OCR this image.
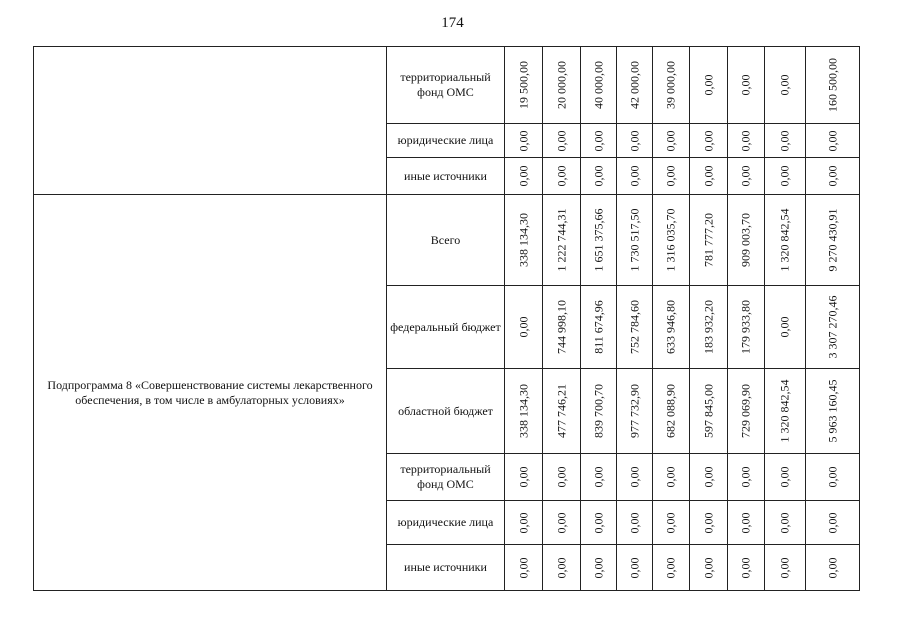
174
	территориальный фонд ОМС	19 500,00	20 000,00	40 000,00	42 000,00	39 000,00	0,00	0,00	0,00	160 500,00

	юридические лица	0,00	0,00	0,00	0,00	0,00	0,00	0,00	0,00	0,00

	иные источники	0,00	0,00	0,00	0,00	0,00	0,00	0,00	0,00	0,00

Подпрограмма 8 «Совершенствование системы лекарственного обеспечения, в том числе в амбулаторных условиях»	Всего	338 134,30	1 222 744,31	1 651 375,66	1 730 517,50	1 316 035,70	781 777,20	909 003,70	1 320 842,54	9 270 430,91

	федеральный бюджет	0,00	744 998,10	811 674,96	752 784,60	633 946,80	183 932,20	179 933,80	0,00	3 307 270,46

	областной бюджет	338 134,30	477 746,21	839 700,70	977 732,90	682 088,90	597 845,00	729 069,90	1 320 842,54	5 963 160,45

	территориальный фонд ОМС	0,00	0,00	0,00	0,00	0,00	0,00	0,00	0,00	0,00

	юридические лица	0,00	0,00	0,00	0,00	0,00	0,00	0,00	0,00	0,00

	иные источники	0,00	0,00	0,00	0,00	0,00	0,00	0,00	0,00	0,00
